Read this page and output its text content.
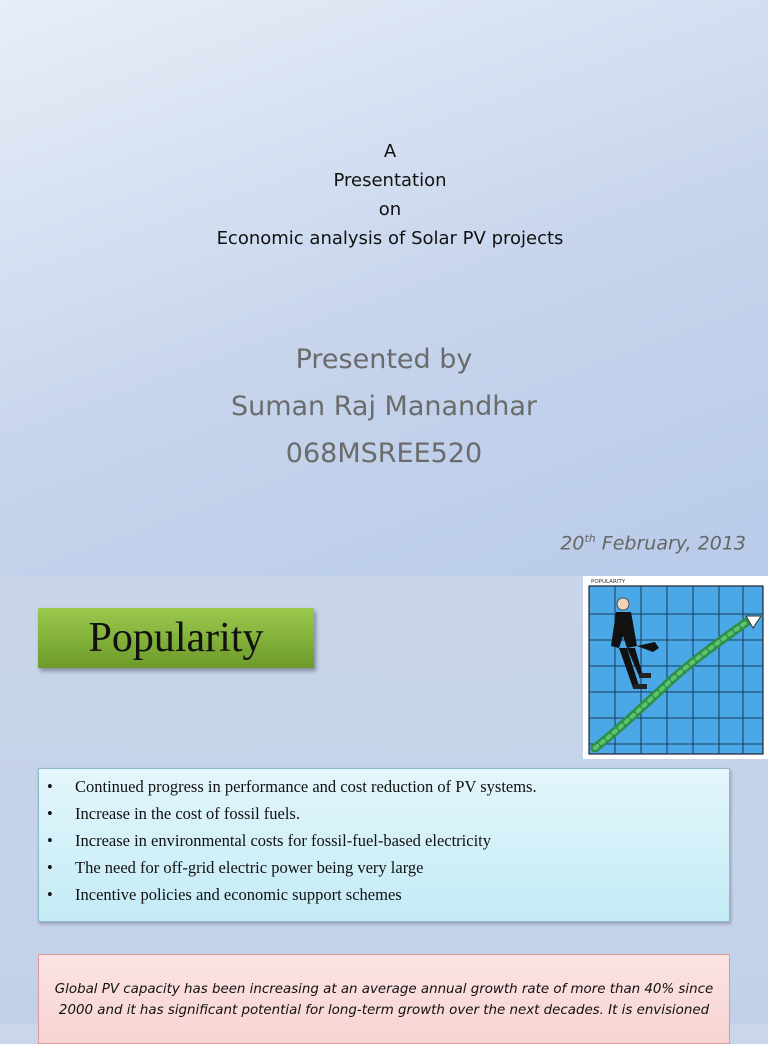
A
Presentation
on
Economic analysis of Solar PV projects
Presented by
Suman Raj Manandhar
068MSREE520
20th February, 2013
Popularity
POPULARITY
• Continued progress in performance and cost reduction of PV systems.
• Increase in the cost of fossil fuels.
• Increase in environmental costs for fossil-fuel-based electricity
• The need for off-grid electric power being very large
• Incentive policies and economic support schemes
Global PV capacity has been increasing at an average annual growth rate of more than 40% since 2000 and it has significant potential for long-term growth over the next decades. It is envisioned
